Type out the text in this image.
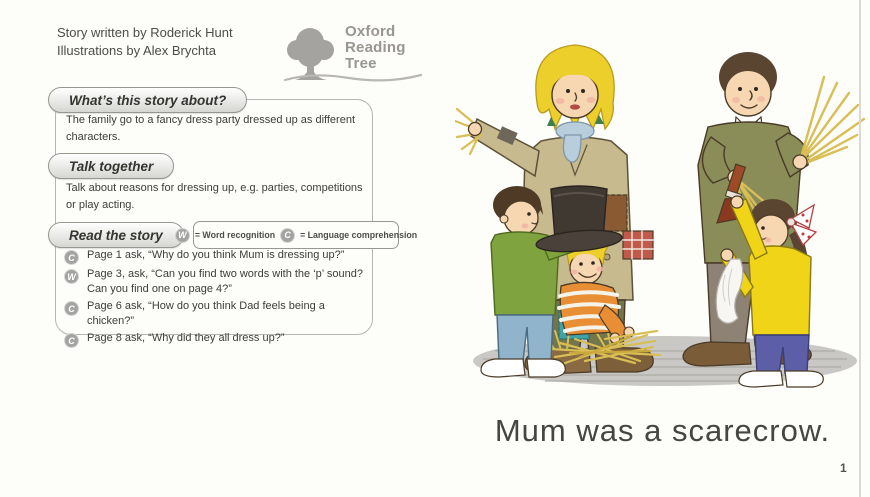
Story written by Roderick Hunt
Illustrations by Alex Brychta
Oxford
Reading
Tree
What’s this story about?
The family go to a fancy dress party dressed up as different characters.
Talk together
Talk about reasons for dressing up, e.g. parties, competitions or play acting.
Read the story	W = Word recognition	C	= Language comprehension
C	Page 1 ask, “Why do you think Mum is dressing up?”
W Page 3, ask, “Can you find two words with the ‘p’ sound? Can you find one on page 4?”
C	Page 6 ask, “How do you think Dad feels being a chicken?”
C	Page 8 ask, “Why did they all dress up?”
Mum was a scarecrow.
1
